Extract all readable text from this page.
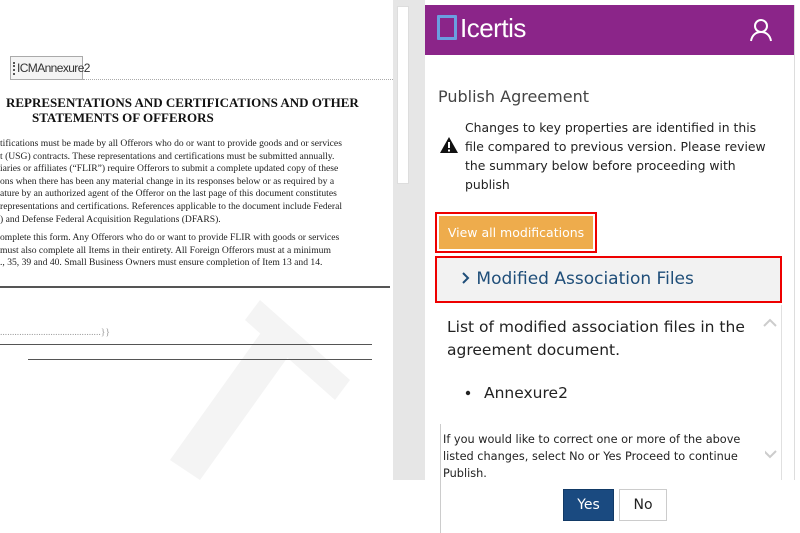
ICMAnnexure2
REPRESENTATIONS AND CERTIFICATIONS AND OTHER
STATEMENTS OF OFFERORS
tifications must be made by all Offerors who do or want to provide goods and or services
t (USG) contracts. These representations and certifications must be submitted annually.
iaries or affiliates (“FLIR”) require Offerors to submit a complete updated copy of these
ons when there has been any material change in its responses below or as required by a
ature by an authorized agent of the Offeror on the last page of this document constitutes
representations and certifications. References applicable to the document include Federal
) and Defense Federal Acquisition Regulations (DFARS).
omplete this form. Any Offerors who do or want to provide FLIR with goods or services
must also complete all Items in their entirety. All Foreign Offerors must at a minimum
., 35, 39 and 40. Small Business Owners must ensure completion of Item 13 and 14.
..........................................}}
Icertis
Publish Agreement
Changes to key properties are identified in this file compared to previous version. Please review the summary below before proceeding with publish
View all modifications
Modified Association Files
List of modified association files in the agreement document.
Annexure2
If you would like to correct one or more of the above listed changes, select No or Yes Proceed to continue Publish.
Yes	No
